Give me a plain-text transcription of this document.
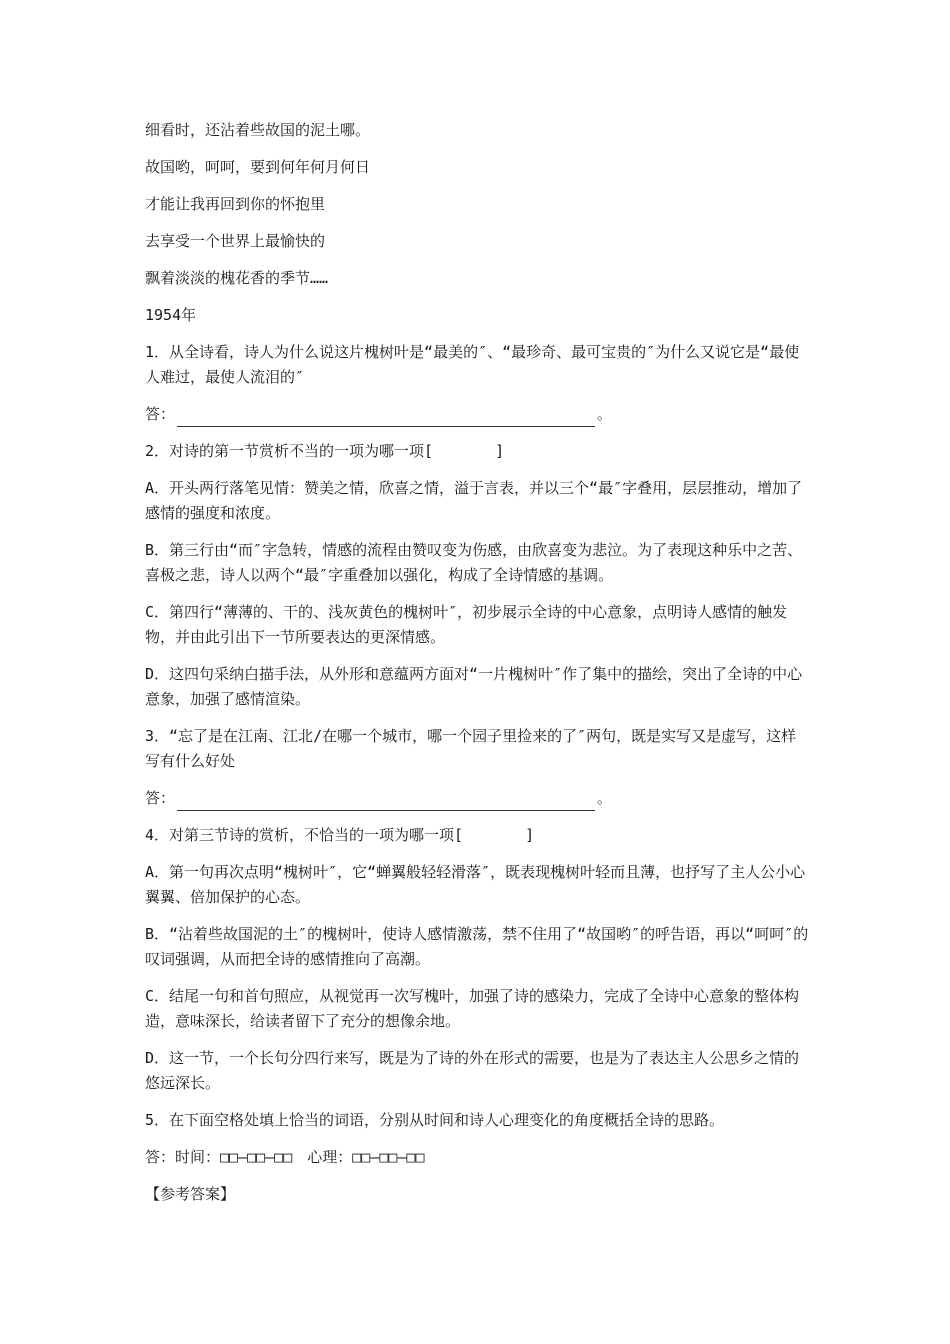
细看时，还沾着些故国的泥土哪。

故国哟，呵呵，要到何年何月何日

才能让我再回到你的怀抱里

去享受一个世界上最愉快的

飘着淡淡的槐花香的季节……

1954年

1．从全诗看，诗人为什么说这片槐树叶是“最美的″、“最珍奇、最可宝贵的″为什么又说它是“最使人难过，最使人流泪的″

答：	。

2．对诗的第一节赏析不当的一项为哪一项[	]

A．开头两行落笔见情：赞美之情，欣喜之情，溢于言表，并以三个“最″字叠用，层层推动，增加了感情的强度和浓度。

B．第三行由“而″字急转，情感的流程由赞叹变为伤感，由欣喜变为悲泣。为了表现这种乐中之苦、喜极之悲，诗人以两个“最″字重叠加以强化，构成了全诗情感的基调。

C．第四行“薄薄的、干的、浅灰黄色的槐树叶″，初步展示全诗的中心意象，点明诗人感情的触发物，并由此引出下一节所要表达的更深情感。

D．这四句采纳白描手法，从外形和意蕴两方面对“一片槐树叶″作了集中的描绘，突出了全诗的中心意象，加强了感情渲染。

3．“忘了是在江南、江北/在哪一个城市，哪一个园子里捡来的了″两句，既是实写又是虚写，这样写有什么好处

答：	。

4．对第三节诗的赏析，不恰当的一项为哪一项[	]

A．第一句再次点明“槐树叶″，它“蝉翼般轻轻滑落″，既表现槐树叶轻而且薄，也抒写了主人公小心翼翼、倍加保护的心态。

B．“沾着些故国泥的土″的槐树叶，使诗人感情激荡，禁不住用了“故国哟″的呼告语，再以“呵呵″的叹词强调，从而把全诗的感情推向了高潮。

C．结尾一句和首句照应，从视觉再一次写槐叶，加强了诗的感染力，完成了全诗中心意象的整体构造，意味深长，给读者留下了充分的想像余地。

D．这一节，一个长句分四行来写，既是为了诗的外在形式的需要，也是为了表达主人公思乡之情的悠远深长。

5．在下面空格处填上恰当的词语，分别从时间和诗人心理变化的角度概括全诗的思路。

答：时间：□□—□□—□□　心理：□□—□□—□□

【参考答案】
